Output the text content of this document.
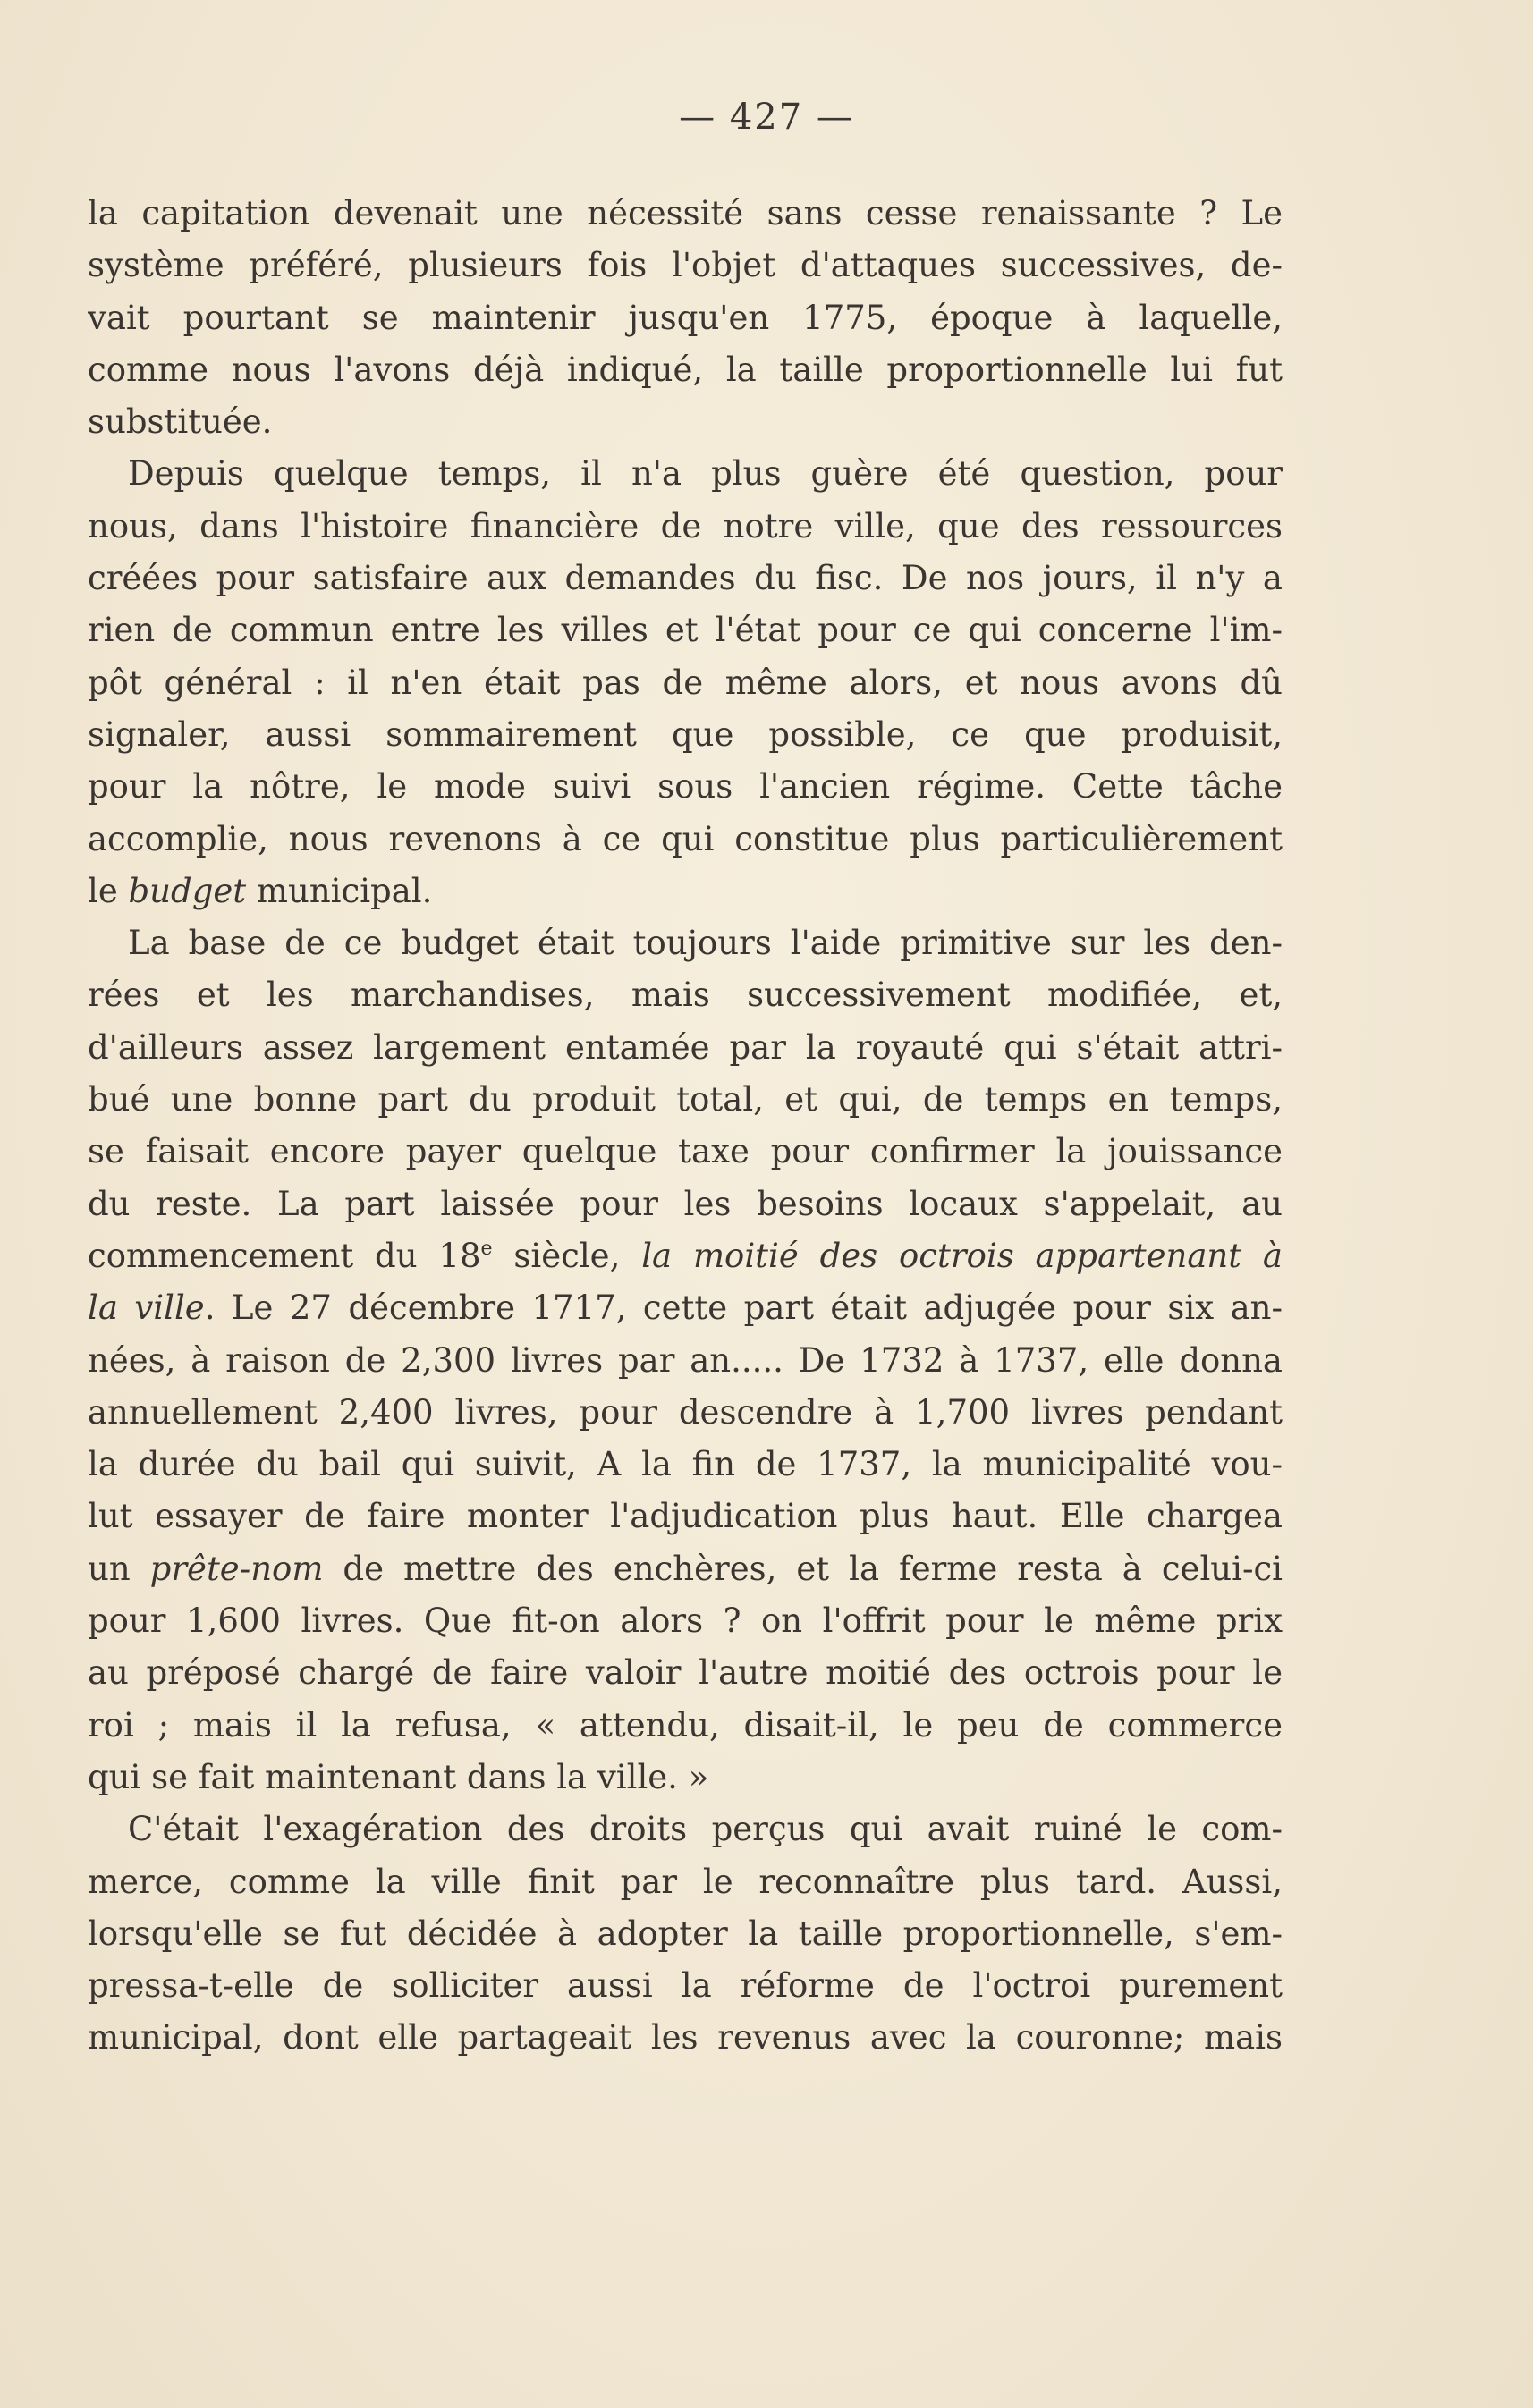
— 427 —
la capitation devenait une nécessité sans cesse renaissante ? Le
système préféré, plusieurs fois l'objet d'attaques successives, de-
vait pourtant se maintenir jusqu'en 1775, époque à laquelle,
comme nous l'avons déjà indiqué, la taille proportionnelle lui fut
substituée.
Depuis quelque temps, il n'a plus guère été question, pour
nous, dans l'histoire financière de notre ville, que des ressources
créées pour satisfaire aux demandes du fisc. De nos jours, il n'y a
rien de commun entre les villes et l'état pour ce qui concerne l'im-
pôt général : il n'en était pas de même alors, et nous avons dû
signaler, aussi sommairement que possible, ce que produisit,
pour la nôtre, le mode suivi sous l'ancien régime. Cette tâche
accomplie, nous revenons à ce qui constitue plus particulièrement
le budget municipal.
La base de ce budget était toujours l'aide primitive sur les den-
rées et les marchandises, mais successivement modifiée, et,
d'ailleurs assez largement entamée par la royauté qui s'était attri-
bué une bonne part du produit total, et qui, de temps en temps,
se faisait encore payer quelque taxe pour confirmer la jouissance
du reste. La part laissée pour les besoins locaux s'appelait, au
commencement du 18e siècle, la moitié des octrois appartenant à
la ville. Le 27 décembre 1717, cette part était adjugée pour six an-
nées, à raison de 2,300 livres par an..... De 1732 à 1737, elle donna
annuellement 2,400 livres, pour descendre à 1,700 livres pendant
la durée du bail qui suivit, A la fin de 1737, la municipalité vou-
lut essayer de faire monter l'adjudication plus haut. Elle chargea
un prête-nom de mettre des enchères, et la ferme resta à celui-ci
pour 1,600 livres. Que fit-on alors ? on l'offrit pour le même prix
au préposé chargé de faire valoir l'autre moitié des octrois pour le
roi ; mais il la refusa, « attendu, disait-il, le peu de commerce
qui se fait maintenant dans la ville. »
C'était l'exagération des droits perçus qui avait ruiné le com-
merce, comme la ville finit par le reconnaître plus tard. Aussi,
lorsqu'elle se fut décidée à adopter la taille proportionnelle, s'em-
pressa-t-elle de solliciter aussi la réforme de l'octroi purement
municipal, dont elle partageait les revenus avec la couronne; mais
